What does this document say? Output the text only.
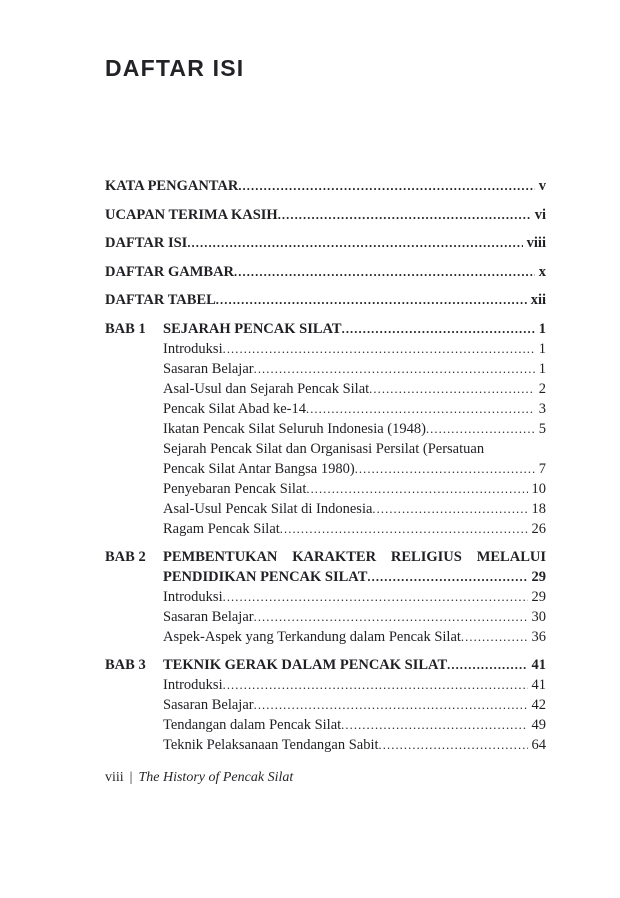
DAFTAR ISI
KATA PENGANTAR .....	v
UCAPAN TERIMA KASIH .....	vi
DAFTAR ISI .....	viii
DAFTAR GAMBAR .....	x
DAFTAR TABEL .....	xii
BAB 1	SEJARAH PENCAK SILAT .....	1
Introduksi .....	1
Sasaran Belajar .....	1
Asal-Usul dan Sejarah Pencak Silat .....	2
Pencak Silat Abad ke-14 .....	3
Ikatan Pencak Silat Seluruh Indonesia (1948) .....	5
Sejarah Pencak Silat dan Organisasi Persilat (Persatuan
Pencak Silat Antar Bangsa 1980) .....	7
Penyebaran Pencak Silat .....	10
Asal-Usul Pencak Silat di Indonesia .....	18
Ragam Pencak Silat .....	26
BAB 2	PEMBENTUKAN KARAKTER RELIGIUS MELALUI
PENDIDIKAN PENCAK SILAT .....	29
Introduksi .....	29
Sasaran Belajar .....	30
Aspek-Aspek yang Terkandung dalam Pencak Silat .....	36
BAB 3	TEKNIK GERAK DALAM PENCAK SILAT .....	41
Introduksi .....	41
Sasaran Belajar .....	42
Tendangan dalam Pencak Silat .....	49
Teknik Pelaksanaan Tendangan Sabit .....	64
viii | The History of Pencak Silat
